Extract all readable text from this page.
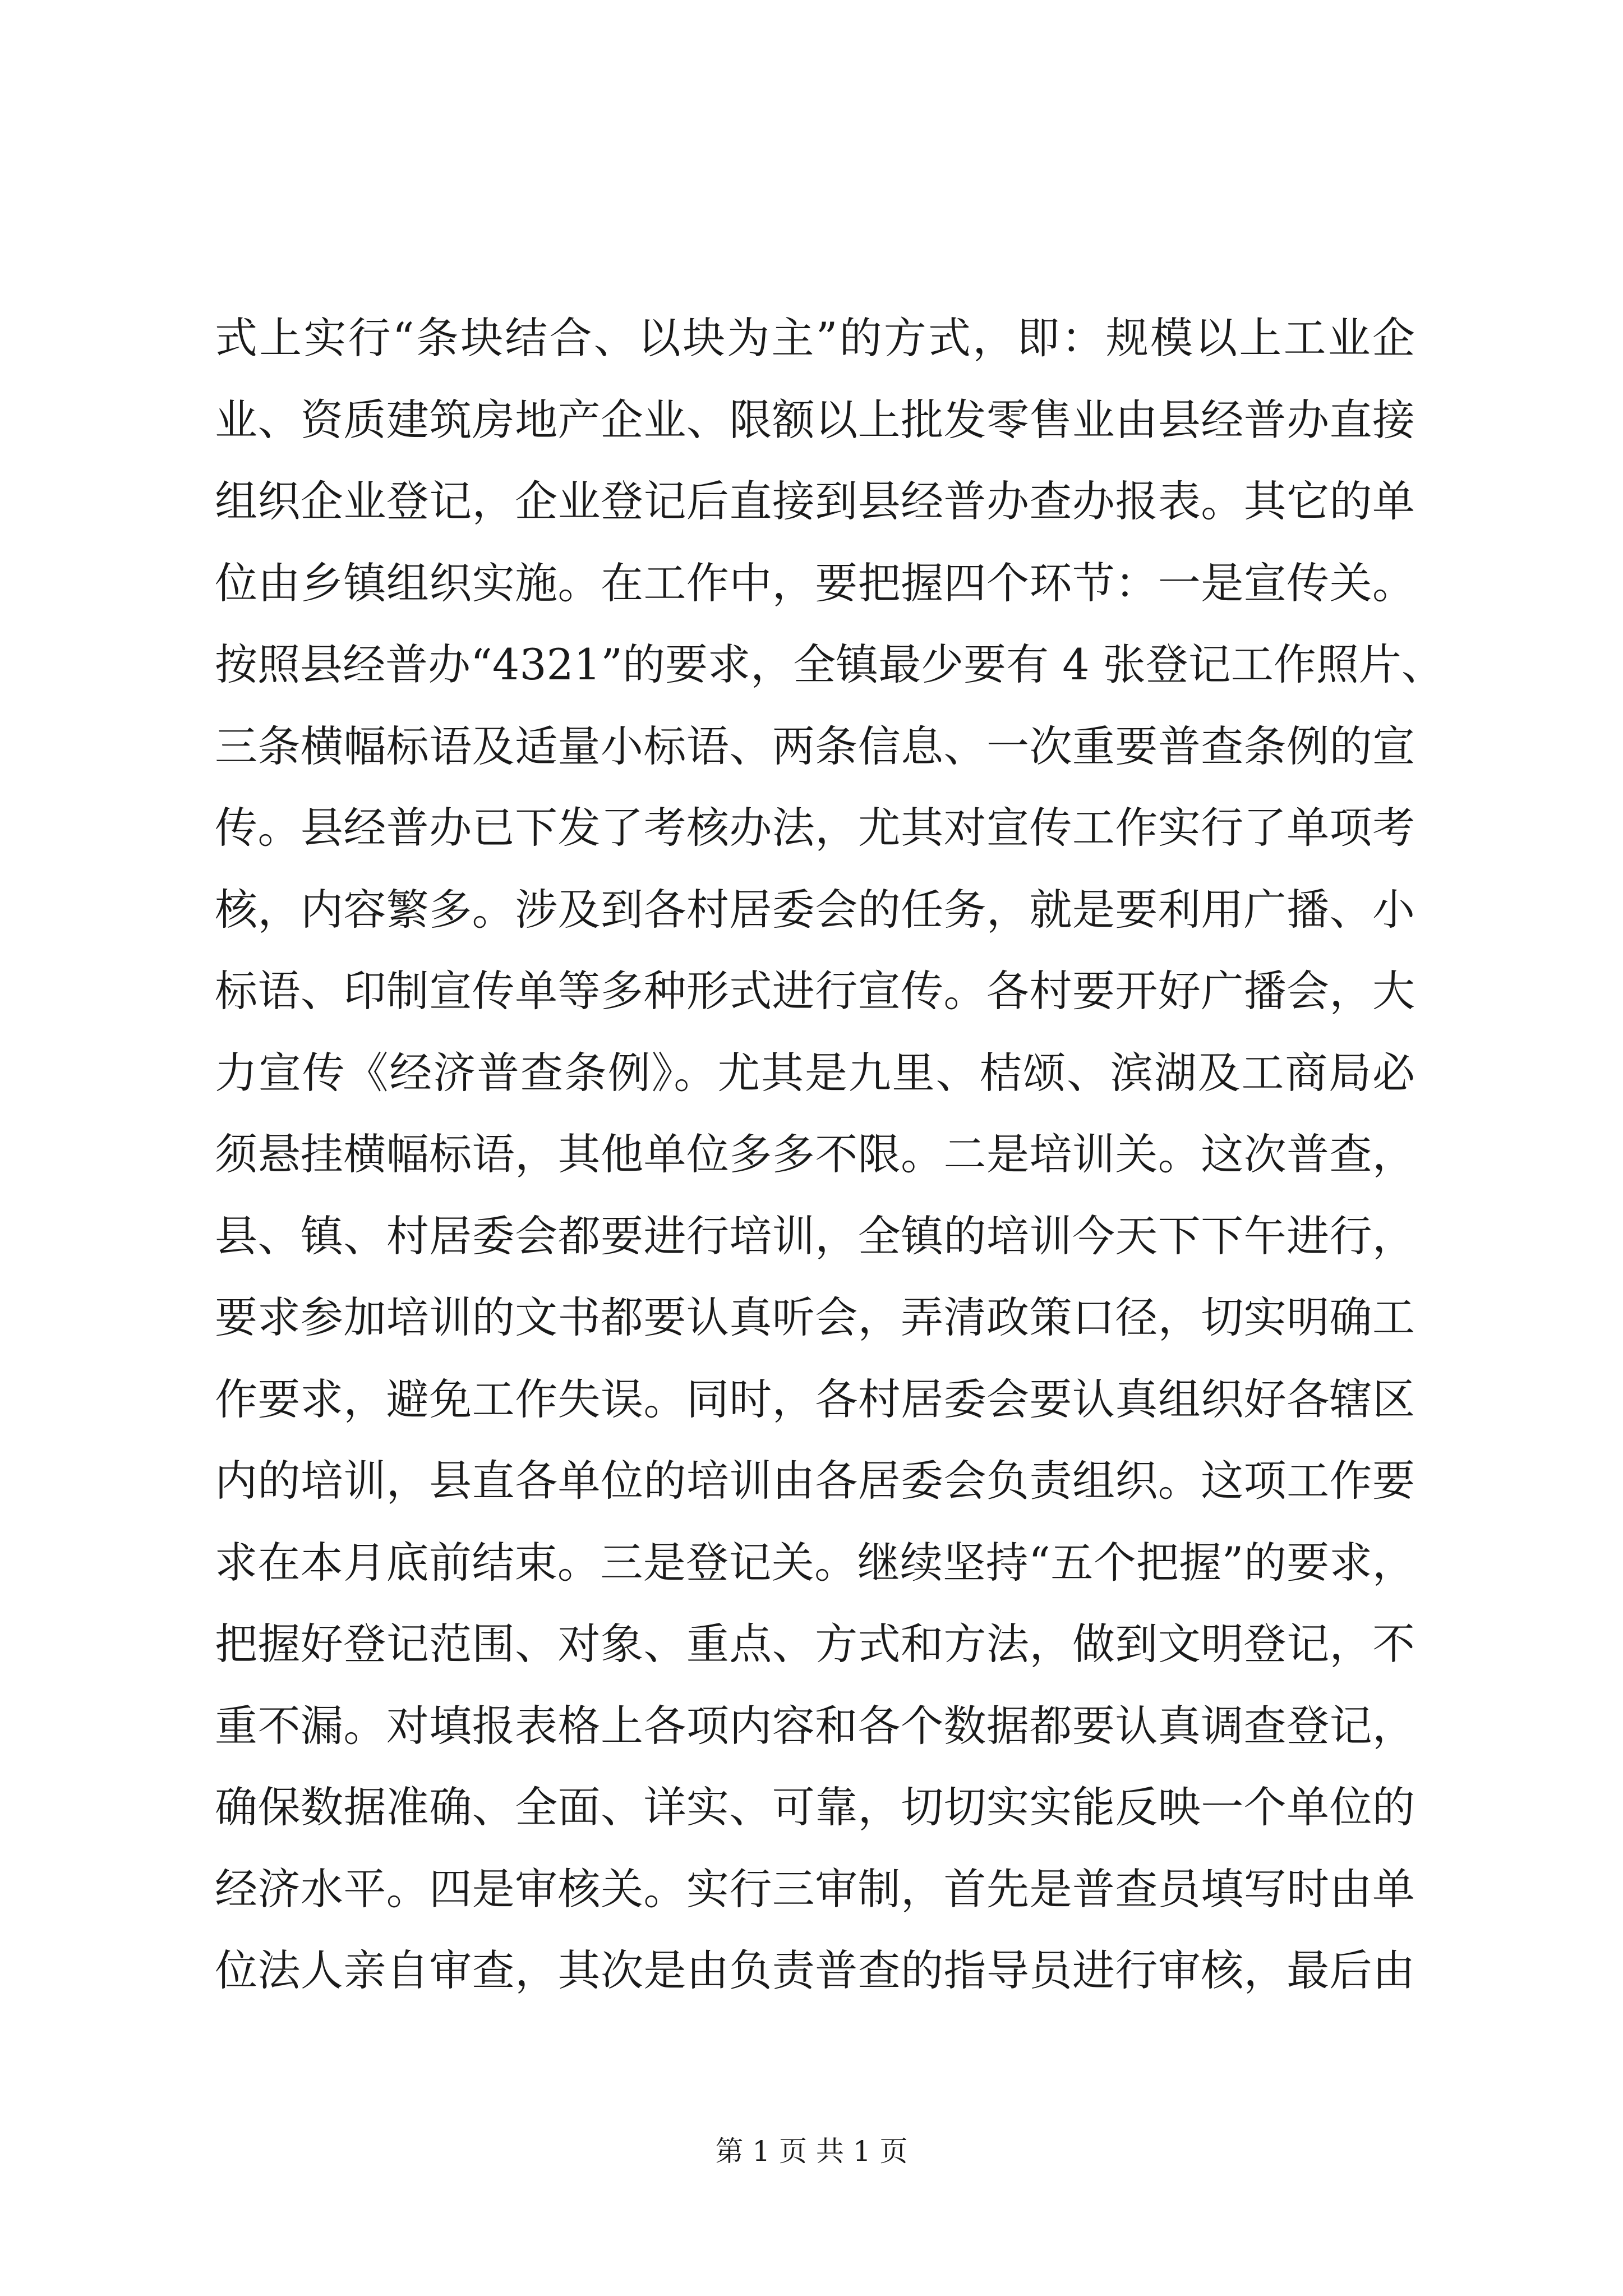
式上实行“条块结合、以块为主”的方式，即：规模以上工业企
业、资质建筑房地产企业、限额以上批发零售业由县经普办直接
组织企业登记，企业登记后直接到县经普办查办报表。其它的单
位由乡镇组织实施。在工作中，要把握四个环节：一是宣传关。
按照县经普办“4321”的要求，全镇最少要有 4 张登记工作照片、
三条横幅标语及适量小标语、两条信息、一次重要普查条例的宣
传。县经普办已下发了考核办法，尤其对宣传工作实行了单项考
核，内容繁多。涉及到各村居委会的任务，就是要利用广播、小
标语、印制宣传单等多种形式进行宣传。各村要开好广播会，大
力宣传《经济普查条例》。尤其是九里、桔颂、滨湖及工商局必
须悬挂横幅标语，其他单位多多不限。二是培训关。这次普查，
县、镇、村居委会都要进行培训，全镇的培训今天下下午进行，
要求参加培训的文书都要认真听会，弄清政策口径，切实明确工
作要求，避免工作失误。同时，各村居委会要认真组织好各辖区
内的培训，县直各单位的培训由各居委会负责组织。这项工作要
求在本月底前结束。三是登记关。继续坚持“五个把握”的要求，
把握好登记范围、对象、重点、方式和方法，做到文明登记，不
重不漏。对填报表格上各项内容和各个数据都要认真调查登记，
确保数据准确、全面、详实、可靠，切切实实能反映一个单位的
经济水平。四是审核关。实行三审制，首先是普查员填写时由单
位法人亲自审查，其次是由负责普查的指导员进行审核，最后由
第 1 页 共 1 页
